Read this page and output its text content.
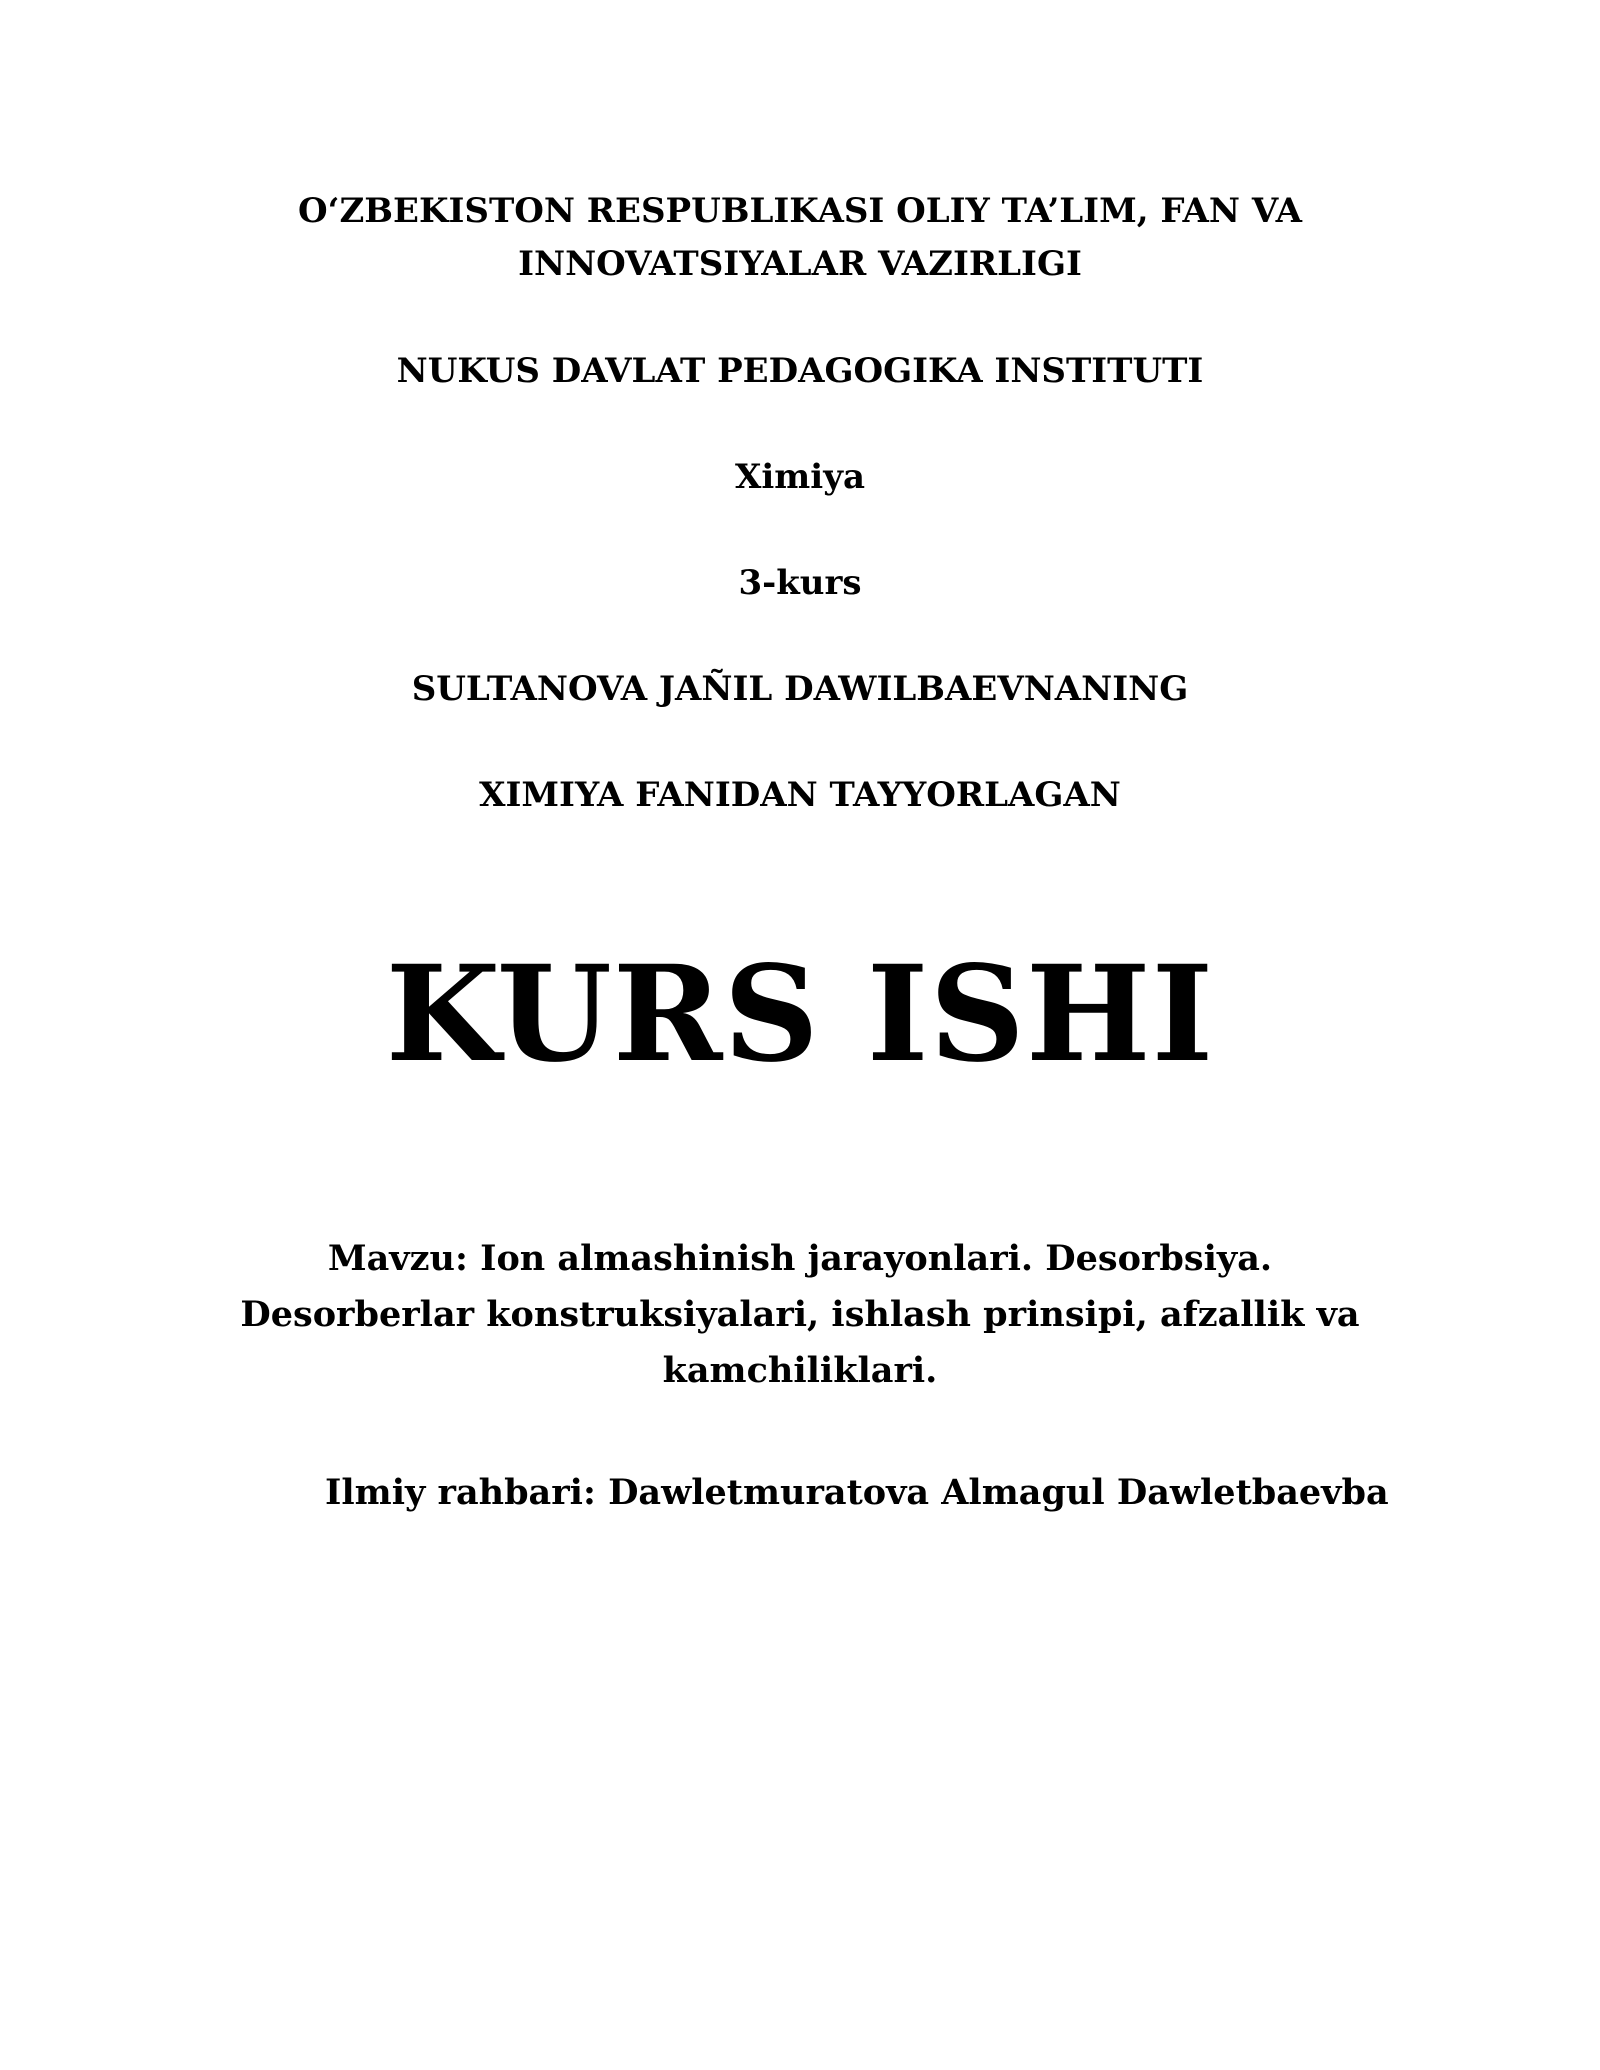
O‘ZBEKISTON RESPUBLIKASI OLIY TA’LIM, FAN VA
INNOVATSIYALAR VAZIRLIGI
NUKUS DAVLAT PEDAGOGIKA INSTITUTI
Ximiya
3-kurs
SULTANOVA JAÑIL DAWILBAEVNANING
XIMIYA FANIDAN TAYYORLAGAN
KURS ISHI
Mavzu: Ion almashinish jarayonlari. Desorbsiya.
Desorberlar konstruksiyalari, ishlash prinsipi, afzallik va
kamchiliklari.
Ilmiy rahbari: Dawletmuratova Almagul Dawletbaevba
